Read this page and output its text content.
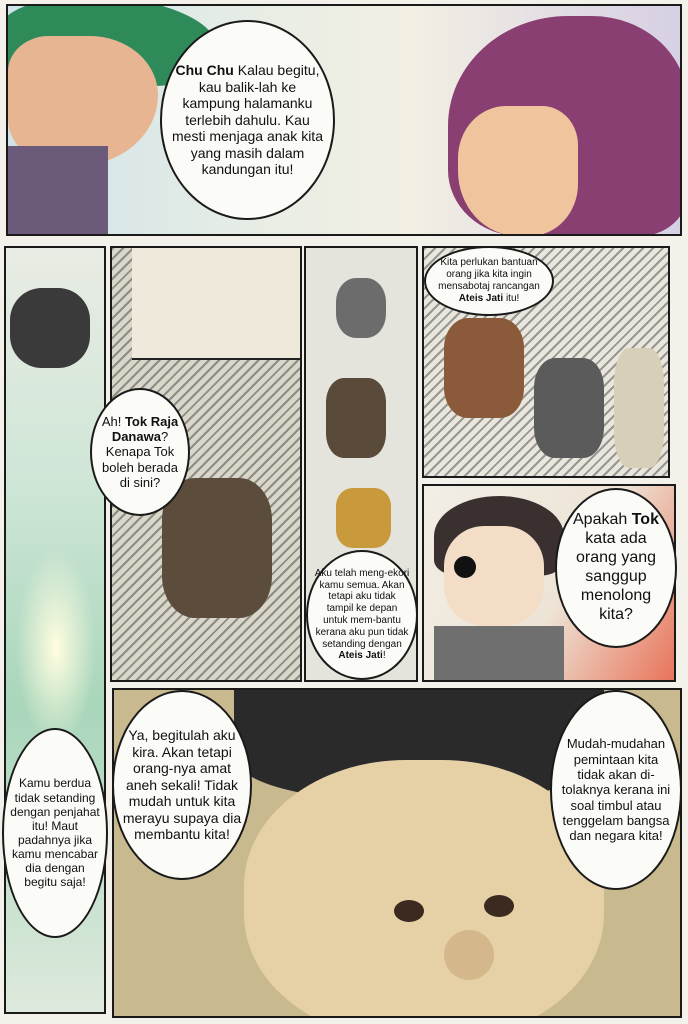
Chu Chu Kalau begitu, kau balik-lah ke kampung halamanku terlebih dahulu. Kau mesti menjaga anak kita yang masih dalam kandungan itu!
Kamu berdua tidak setanding dengan penjahat itu! Maut padahnya jika kamu mencabar dia dengan begitu saja!
Ah! Tok Raja Danawa? Kenapa Tok boleh berada di sini?
Aku telah meng-ekori kamu semua. Akan tetapi aku tidak tampil ke depan untuk mem-bantu kerana aku pun tidak setanding dengan Ateis Jati!
Kita perlukan bantuan orang jika kita ingin mensabotaj rancangan Ateis Jati itu!
Apakah Tok kata ada orang yang sanggup menolong kita?
Ya, begitulah aku kira. Akan tetapi orang-nya amat aneh sekali! Tidak mudah untuk kita merayu supaya dia membantu kita!
Mudah-mudahan pemintaan kita tidak akan di-tolaknya kerana ini soal timbul atau tenggelam bangsa dan negara kita!
